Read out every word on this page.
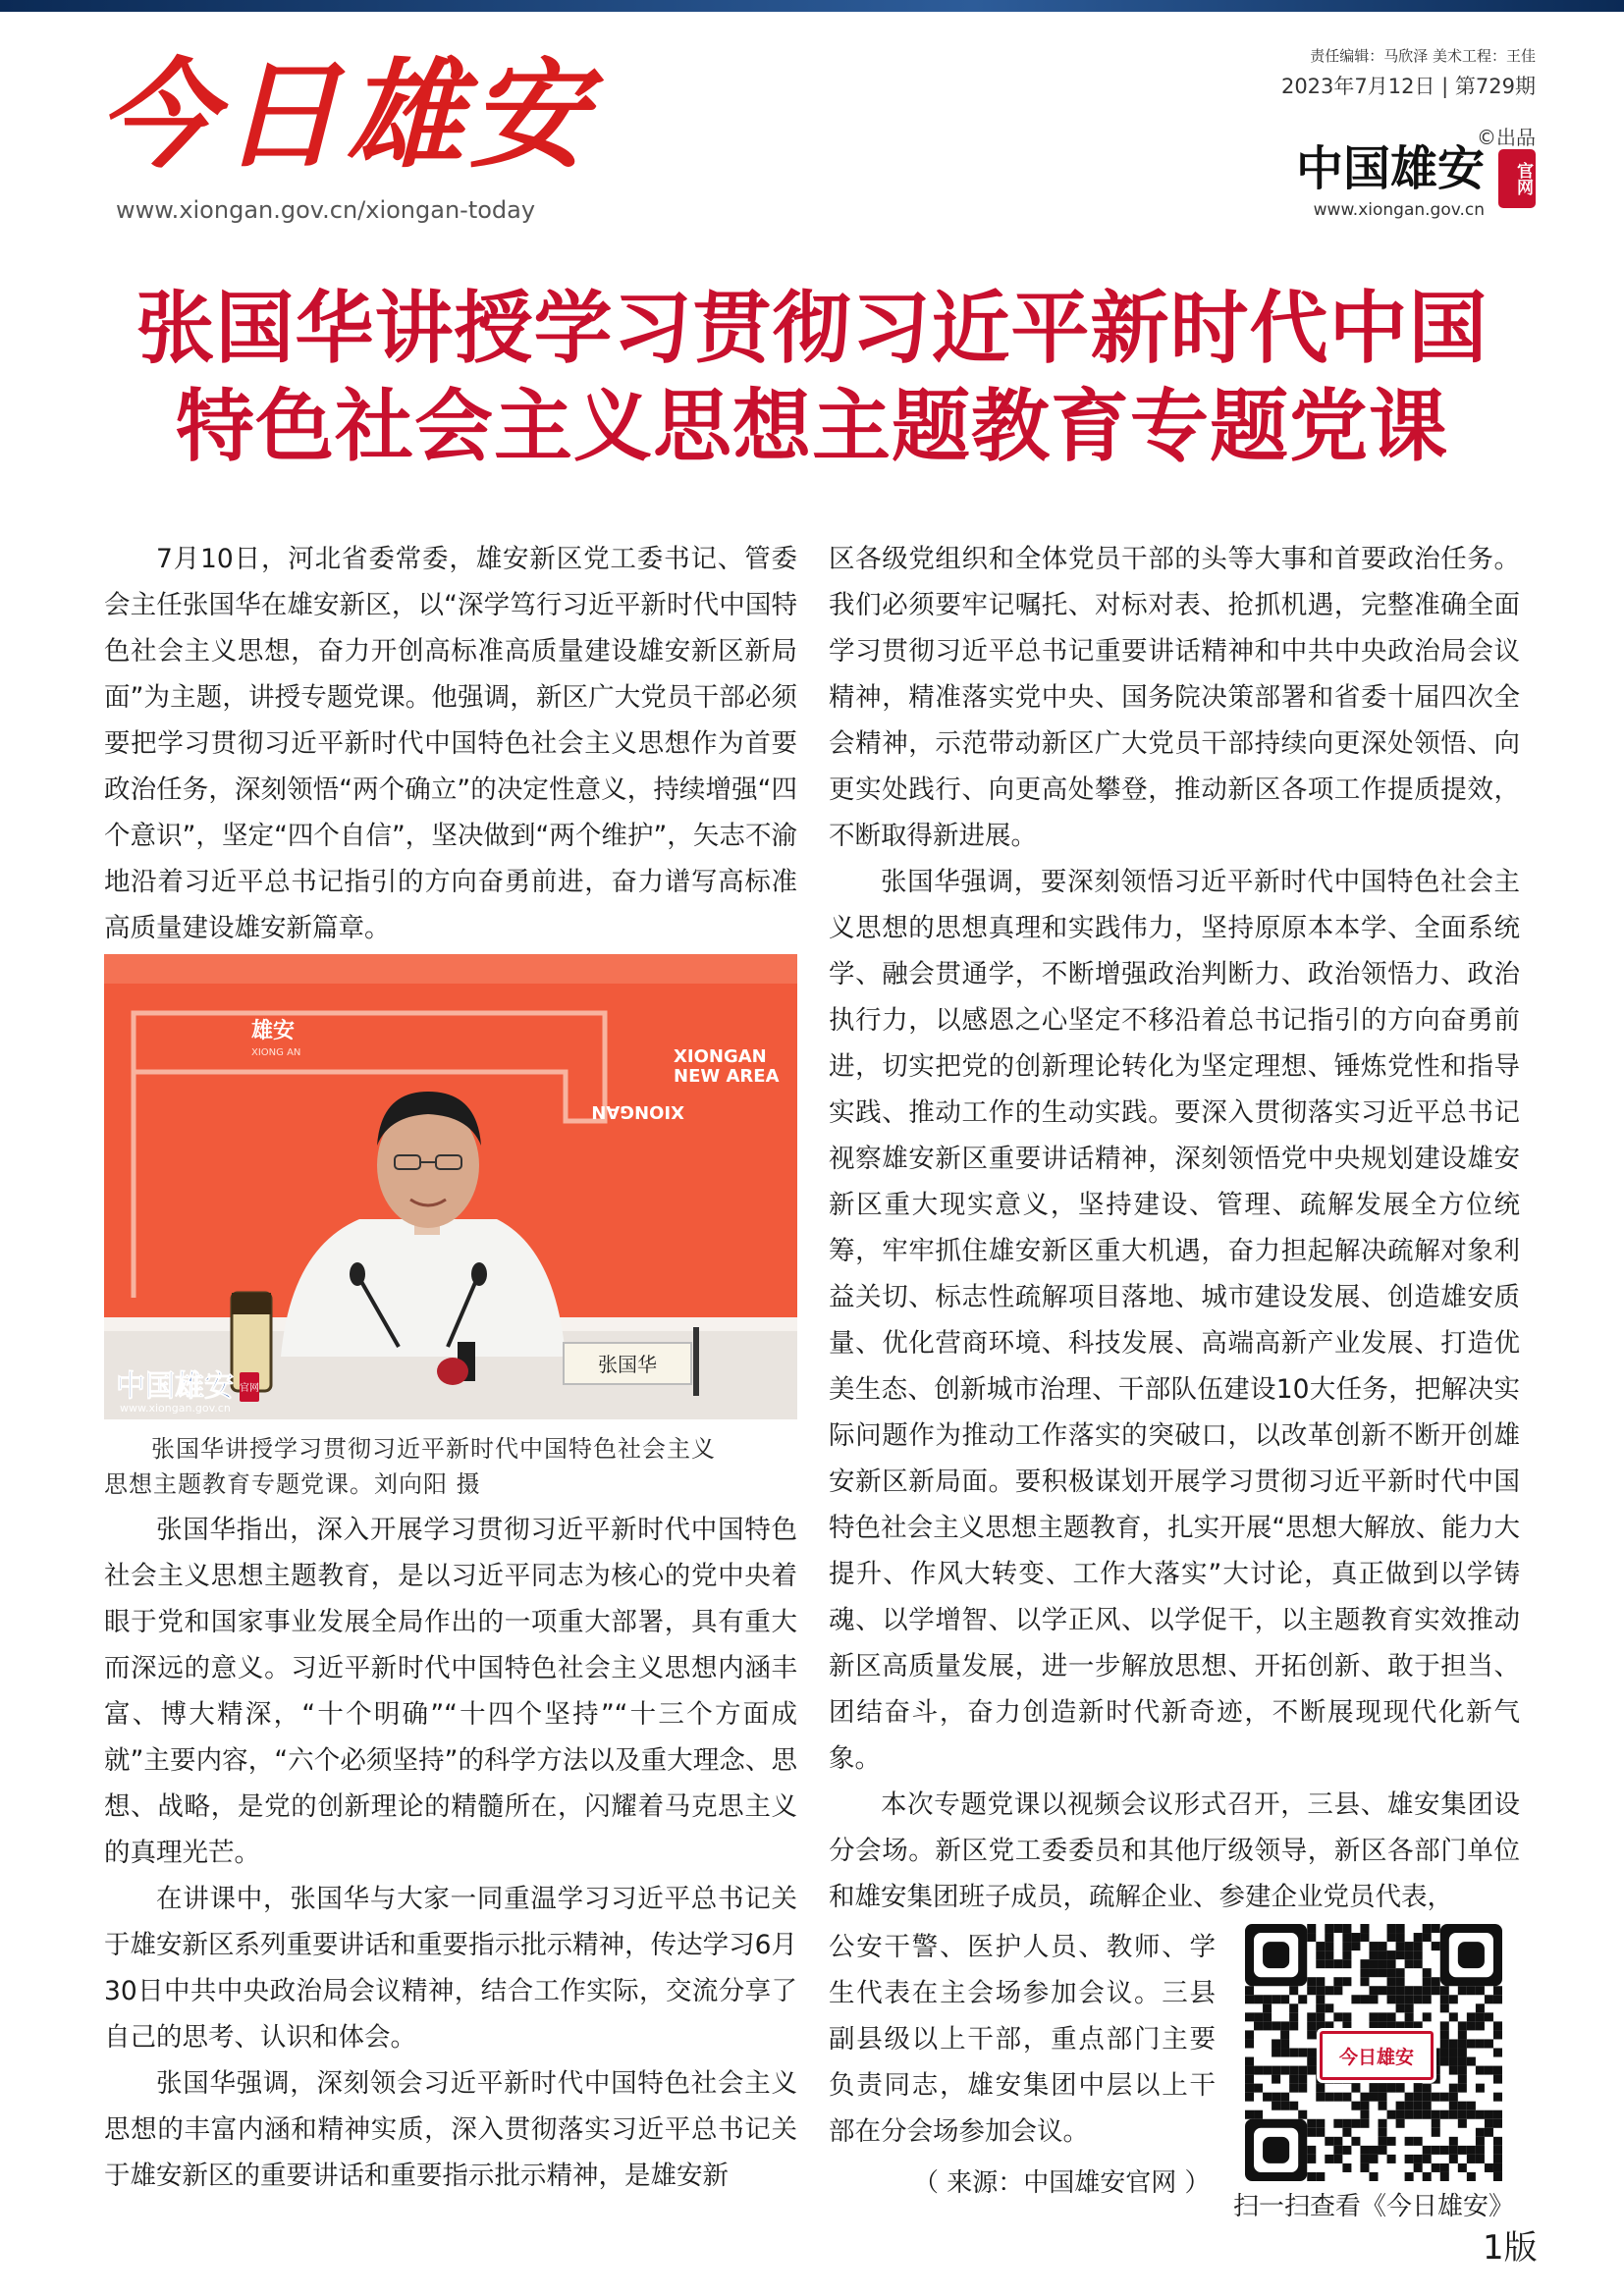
今日雄安
www.xiongan.gov.cn/xiongan-today
责任编辑：马欣泽 美术工程：王佳
2023年7月12日 | 第729期
©出品
中国雄安	官网
www.xiongan.gov.cn
张国华讲授学习贯彻习近平新时代中国
特色社会主义思想主题教育专题党课

7月10日，河北省委常委，雄安新区党工委书记、管委会主任张国华在雄安新区，以“深学笃行习近平新时代中国特色社会主义思想，奋力开创高标准高质量建设雄安新区新局面”为主题，讲授专题党课。他强调，新区广大党员干部必须要把学习贯彻习近平新时代中国特色社会主义思想作为首要政治任务，深刻领悟“两个确立”的决定性意义，持续增强“四个意识”，坚定“四个自信”，坚决做到“两个维护”，矢志不渝地沿着习近平总书记指引的方向奋勇前进，奋力谱写高标准高质量建设雄安新篇章。

雄安
XIONG AN	XIONGAN
NEW AREA
XIONGAN
张国华
中国雄安 官网
www.xiongan.gov.cn
张国华讲授学习贯彻习近平新时代中国特色社会主义
思想主题教育专题党课。刘向阳 摄

张国华指出，深入开展学习贯彻习近平新时代中国特色社会主义思想主题教育，是以习近平同志为核心的党中央着眼于党和国家事业发展全局作出的一项重大部署，具有重大而深远的意义。习近平新时代中国特色社会主义思想内涵丰富、博大精深，“十个明确”“十四个坚持”“十三个方面成就”主要内容，“六个必须坚持”的科学方法以及重大理念、思想、战略，是党的创新理论的精髓所在，闪耀着马克思主义的真理光芒。

在讲课中，张国华与大家一同重温学习习近平总书记关于雄安新区系列重要讲话和重要指示批示精神，传达学习6月30日中共中央政治局会议精神，结合工作实际，交流分享了自己的思考、认识和体会。

张国华强调，深刻领会习近平新时代中国特色社会主义思想的丰富内涵和精神实质，深入贯彻落实习近平总书记关于雄安新区的重要讲话和重要指示批示精神，是雄安新

区各级党组织和全体党员干部的头等大事和首要政治任务。我们必须要牢记嘱托、对标对表、抢抓机遇，完整准确全面学习贯彻习近平总书记重要讲话精神和中共中央政治局会议精神，精准落实党中央、国务院决策部署和省委十届四次全会精神，示范带动新区广大党员干部持续向更深处领悟、向更实处践行、向更高处攀登，推动新区各项工作提质提效，不断取得新进展。

张国华强调，要深刻领悟习近平新时代中国特色社会主义思想的思想真理和实践伟力，坚持原原本本学、全面系统学、融会贯通学，不断增强政治判断力、政治领悟力、政治执行力，以感恩之心坚定不移沿着总书记指引的方向奋勇前进，切实把党的创新理论转化为坚定理想、锤炼党性和指导实践、推动工作的生动实践。要深入贯彻落实习近平总书记视察雄安新区重要讲话精神，深刻领悟党中央规划建设雄安新区重大现实意义，坚持建设、管理、疏解发展全方位统筹，牢牢抓住雄安新区重大机遇，奋力担起解决疏解对象利益关切、标志性疏解项目落地、城市建设发展、创造雄安质量、优化营商环境、科技发展、高端高新产业发展、打造优美生态、创新城市治理、干部队伍建设10大任务，把解决实际问题作为推动工作落实的突破口，以改革创新不断开创雄安新区新局面。要积极谋划开展学习贯彻习近平新时代中国特色社会主义思想主题教育，扎实开展“思想大解放、能力大提升、作风大转变、工作大落实”大讨论，真正做到以学铸魂、以学增智、以学正风、以学促干，以主题教育实效推动新区高质量发展，进一步解放思想、开拓创新、敢于担当、团结奋斗，奋力创造新时代新奇迹，不断展现现代化新气象。

本次专题党课以视频会议形式召开，三县、雄安集团设分会场。新区党工委委员和其他厅级领导，新区各部门单位和雄安集团班子成员，疏解企业、参建企业党员代表，

公安干警、医护人员、教师、学生代表在主会场参加会议。三县副县级以上干部，重点部门主要负责同志，雄安集团中层以上干部在分会场参加会议。

（ 来源：中国雄安官网 ）
今日雄安
扫一扫查看《今日雄安》
1版
